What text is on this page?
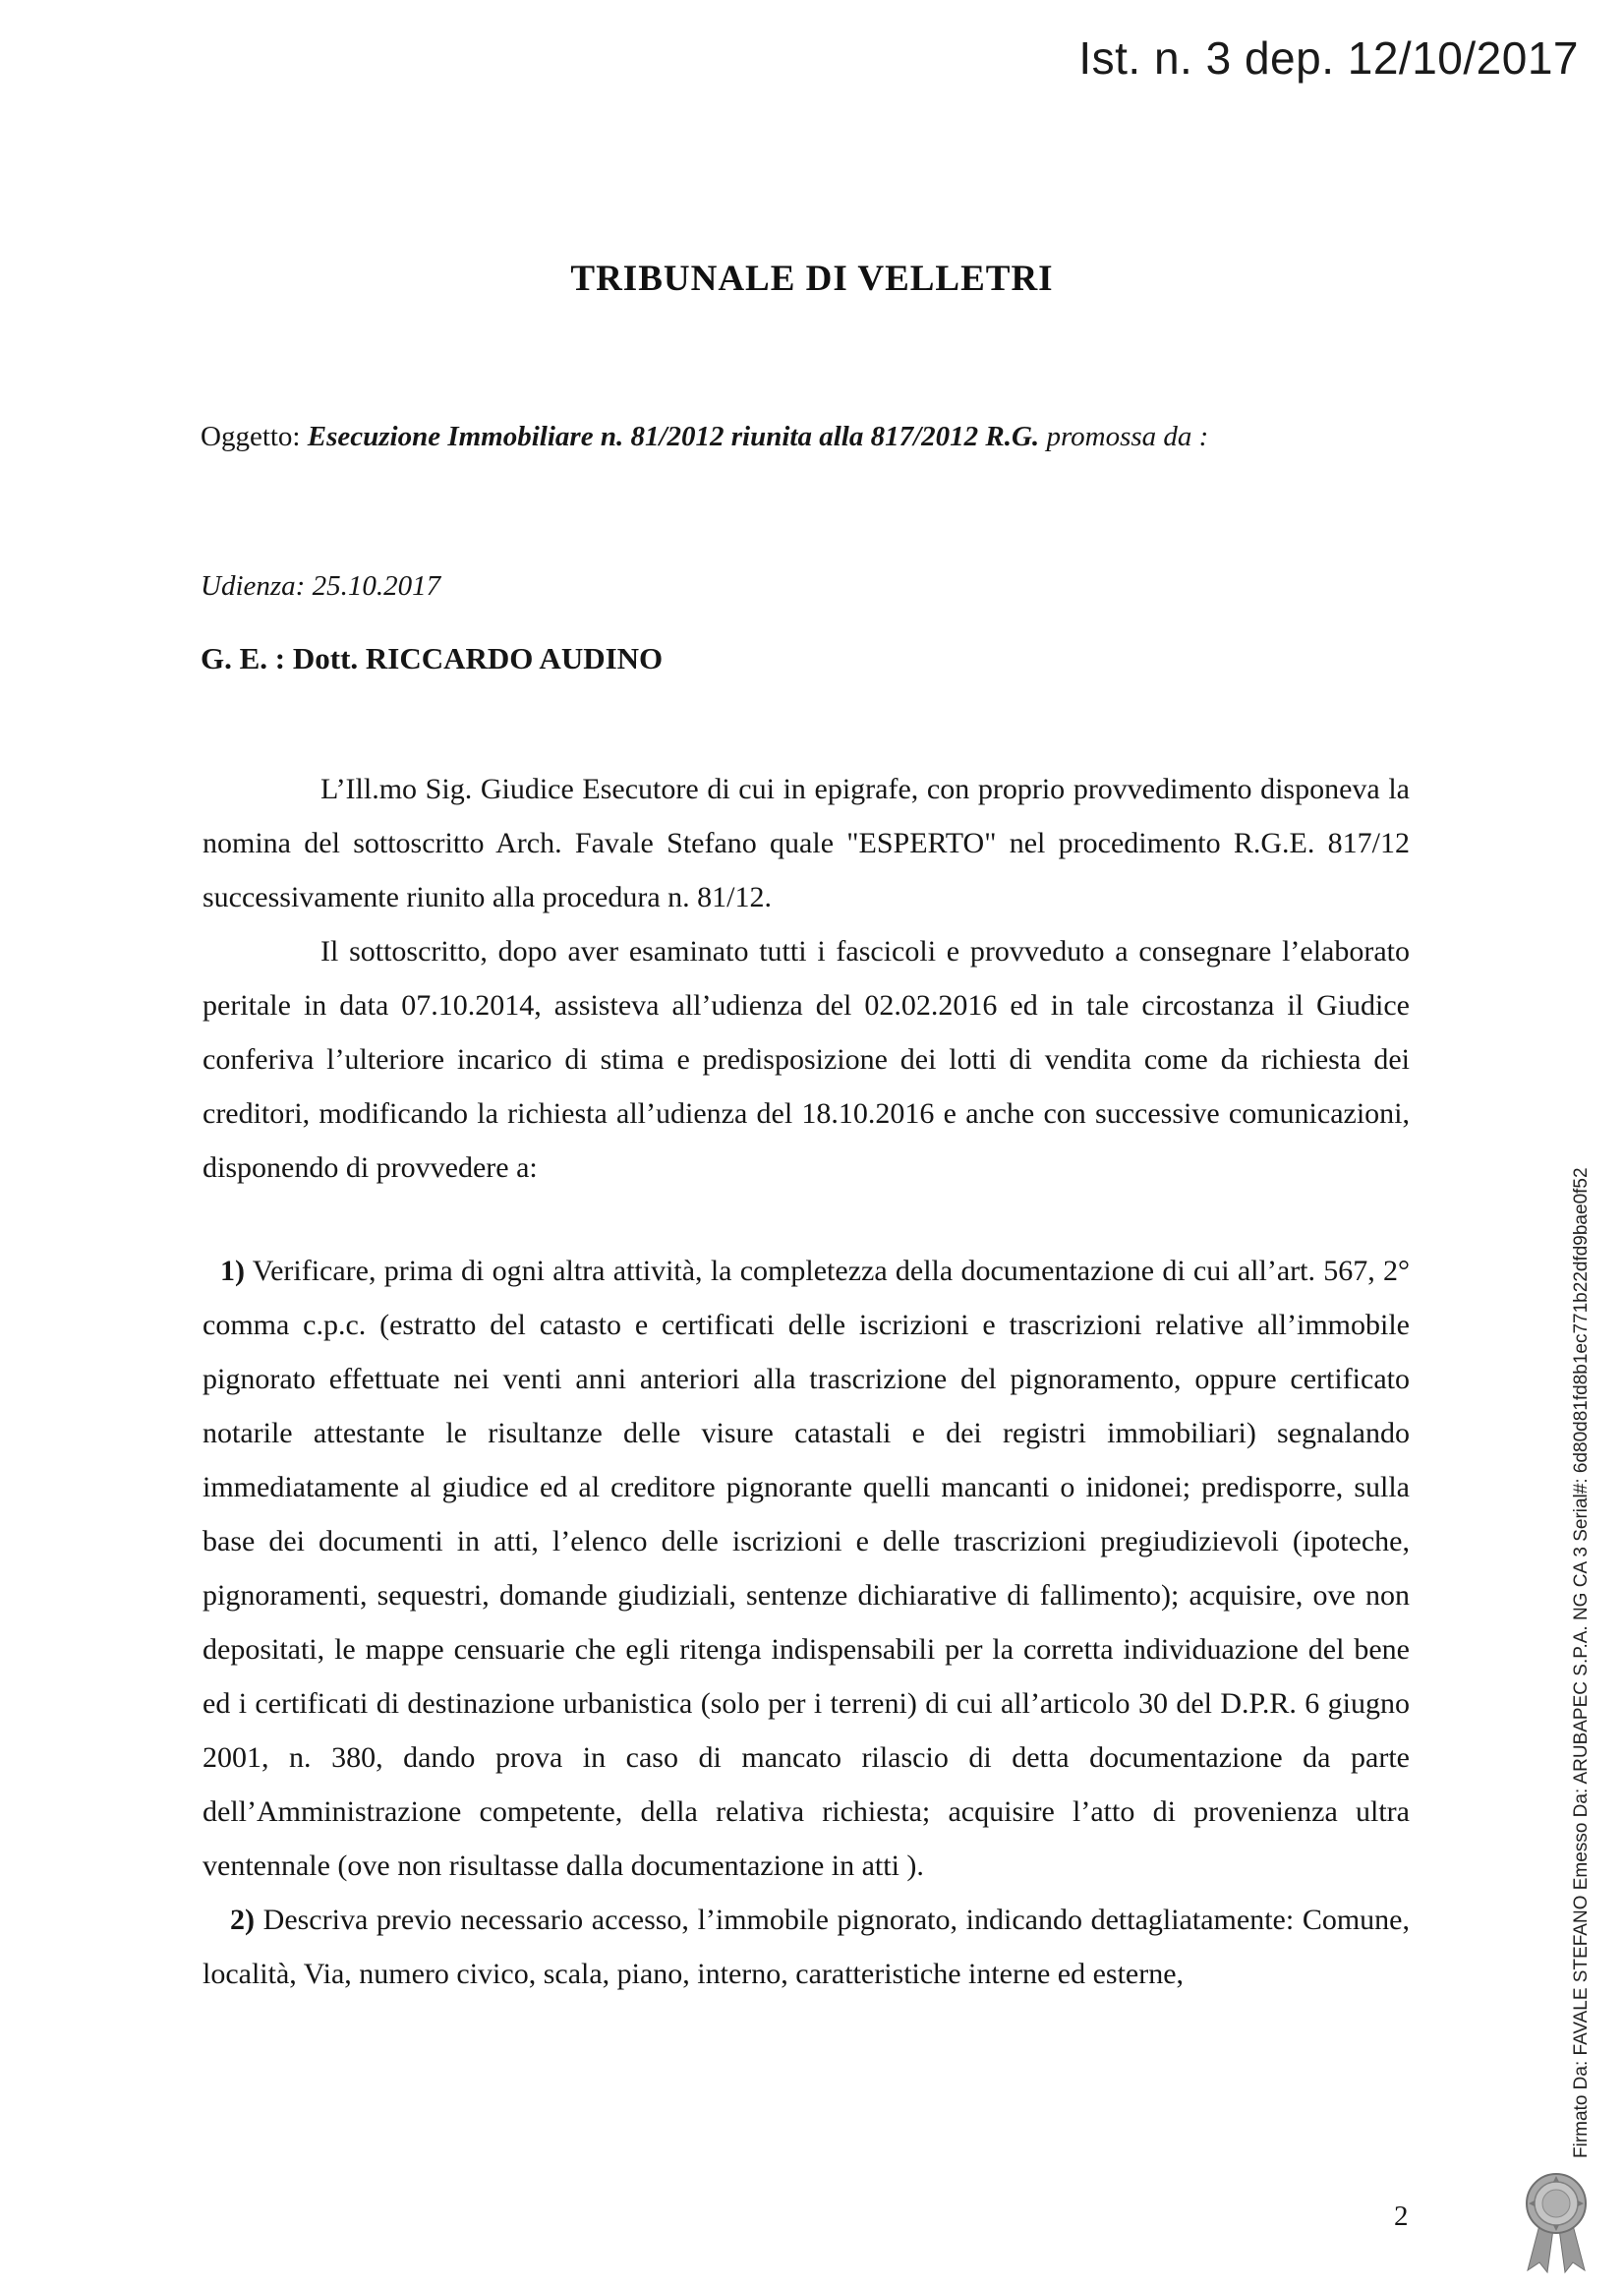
Ist. n. 3 dep. 12/10/2017
TRIBUNALE DI VELLETRI
Oggetto: Esecuzione Immobiliare n. 81/2012 riunita alla 817/2012 R.G. promossa da :
Udienza: 25.10.2017
G. E. : Dott. RICCARDO AUDINO

L’Ill.mo Sig. Giudice Esecutore di cui in epigrafe, con proprio provvedimento disponeva la nomina del sottoscritto Arch. Favale Stefano quale "ESPERTO" nel procedimento R.G.E. 817/12 successivamente riunito alla procedura n. 81/12.

Il sottoscritto, dopo aver esaminato tutti i fascicoli e provveduto a consegnare l’elaborato peritale in data 07.10.2014, assisteva all’udienza del 02.02.2016 ed in tale circostanza il Giudice conferiva l’ulteriore incarico di stima e predisposizione dei lotti di vendita come da richiesta dei creditori, modificando la richiesta all’udienza del 18.10.2016 e anche con successive comunicazioni, disponendo di provvedere a:

1) Verificare, prima di ogni altra attività, la completezza della documentazione di cui all’art. 567, 2° comma c.p.c. (estratto del catasto e certificati delle iscrizioni e trascrizioni relative all’immobile pignorato effettuate nei venti anni anteriori alla trascrizione del pignoramento, oppure certificato notarile attestante le risultanze delle visure catastali e dei registri immobiliari) segnalando immediatamente al giudice ed al creditore pignorante quelli mancanti o inidonei; predisporre, sulla base dei documenti in atti, l’elenco delle iscrizioni e delle trascrizioni pregiudizievoli (ipoteche, pignoramenti, sequestri, domande giudiziali, sentenze dichiarative di fallimento); acquisire, ove non depositati, le mappe censuarie che egli ritenga indispensabili per la corretta individuazione del bene ed i certificati di destinazione urbanistica (solo per i terreni) di cui all’articolo 30 del D.P.R. 6 giugno 2001, n. 380, dando prova in caso di mancato rilascio di detta documentazione da parte dell’Amministrazione competente, della relativa richiesta; acquisire l’atto di provenienza ultra ventennale (ove non risultasse dalla documentazione in atti ).

2) Descriva previo necessario accesso, l’immobile pignorato, indicando dettagliatamente: Comune, località, Via, numero civico, scala, piano, interno, caratteristiche interne ed esterne,

2
Firmato Da: FAVALE STEFANO Emesso Da: ARUBAPEC S.P.A. NG CA 3 Serial#: 6d80d81fd8b1ec771b22dfd9bae0f52
